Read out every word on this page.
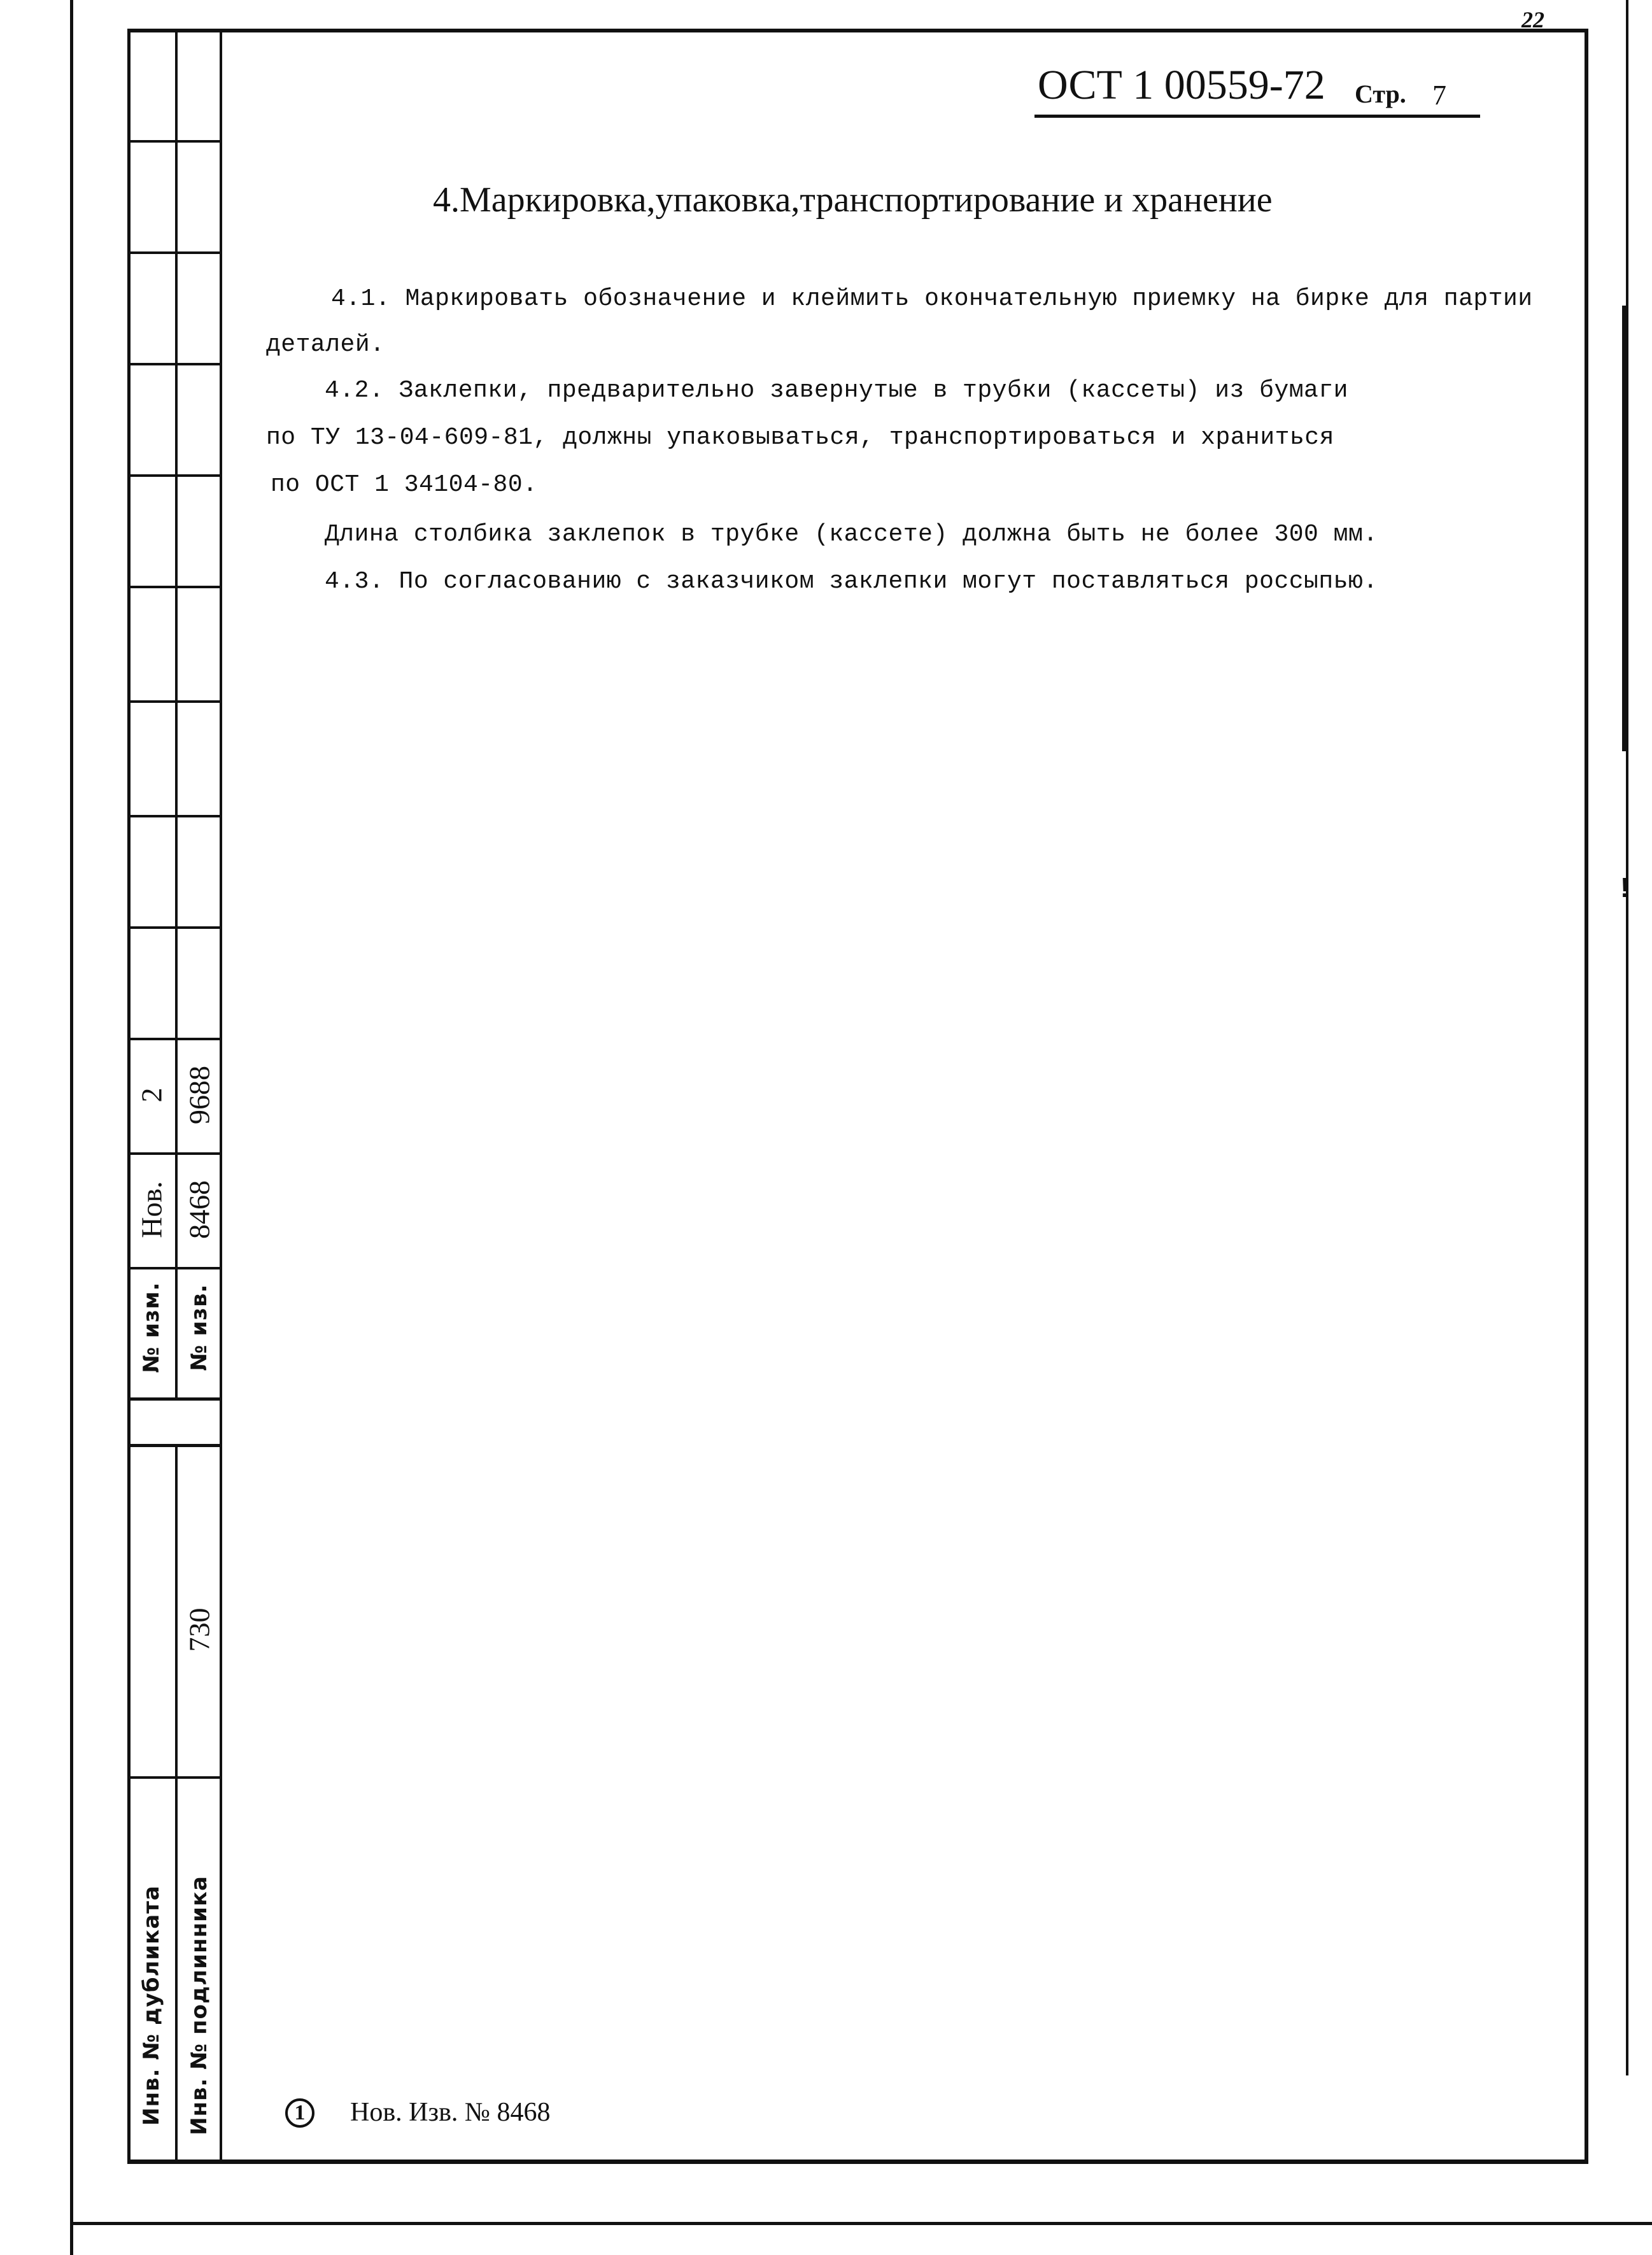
№ изм.
Нов.
2
№ изв.
8468
9688
Инв. № дубликата Инв. № подлинника
730
ОСТ 1 00559-72 Стр. 7
22
4.Маркировка,упаковка,транспортирование и хранение
4.1. Маркировать обозначение и клеймить окончательную приемку на бирке для партии
деталей.
4.2. Заклепки, предварительно завернутые в трубки (кассеты) из бумаги
по ТУ 13-04-609-81, должны упаковываться, транспортироваться и храниться
по ОСТ 1 34104-80.
Длина столбика заклепок в трубке (кассете) должна быть не более 300 мм.
4.3. По согласованию с заказчиком заклепки могут поставляться россыпью.
1	Нов. Изв. № 8468
!
